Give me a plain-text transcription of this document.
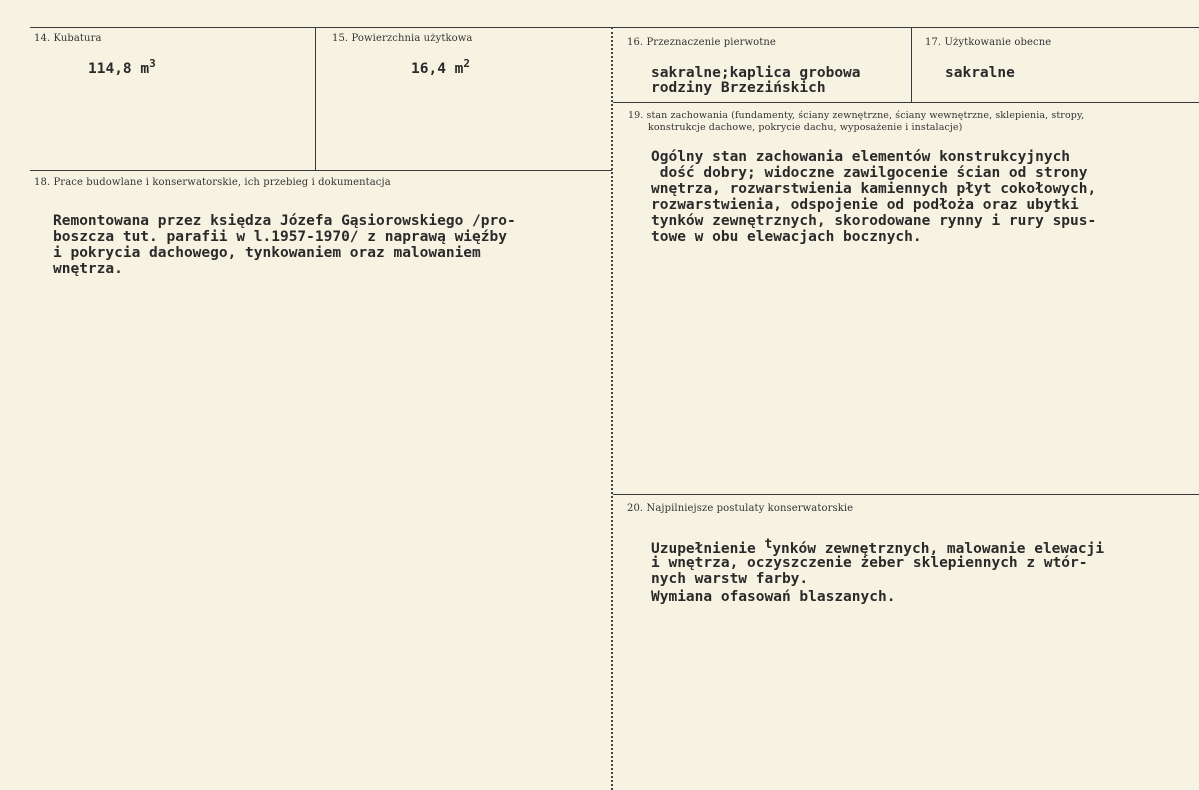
14. Kubatura
114,8 $m^3$
15. Powierzchnia użytkowa
16,4 $m^2$
16. Przeznaczenie pierwotne
sakralne;kaplica grobowa
rodziny Brzezińskich
17. Użytkowanie obecne
sakralne
18. Prace budowlane i konserwatorskie, ich przebieg i dokumentacja
Remontowana przez księdza Józefa Gąsiorowskiego /pro-
boszcza tut. parafii w l.1957-1970/ z naprawą więźby
i pokrycia dachowego, tynkowaniem oraz malowaniem
wnętrza.
19. stan zachowania (fundamenty, ściany zewnętrzne, ściany wewnętrzne, sklepienia, stropy,
konstrukcje dachowe, pokrycie dachu, wyposażenie i instalacje)
Ogólny stan zachowania elementów konstrukcyjnych
dość dobry; widoczne zawilgocenie ścian od strony
wnętrza, rozwarstwienia kamiennych płyt cokołowych,
rozwarstwienia, odspojenie od podłoża oraz ubytki
tynków zewnętrznych, skorodowane rynny i rury spus-
towe w obu elewacjach bocznych.
20. Najpilniejsze postulaty konserwatorskie
Uzupełnienie tynków zewnętrznych, malowanie elewacji
i wnętrza, oczyszczenie żeber sklepiennych z wtór-
nych warstw farby.
Wymiana ofasowań blaszanych.
